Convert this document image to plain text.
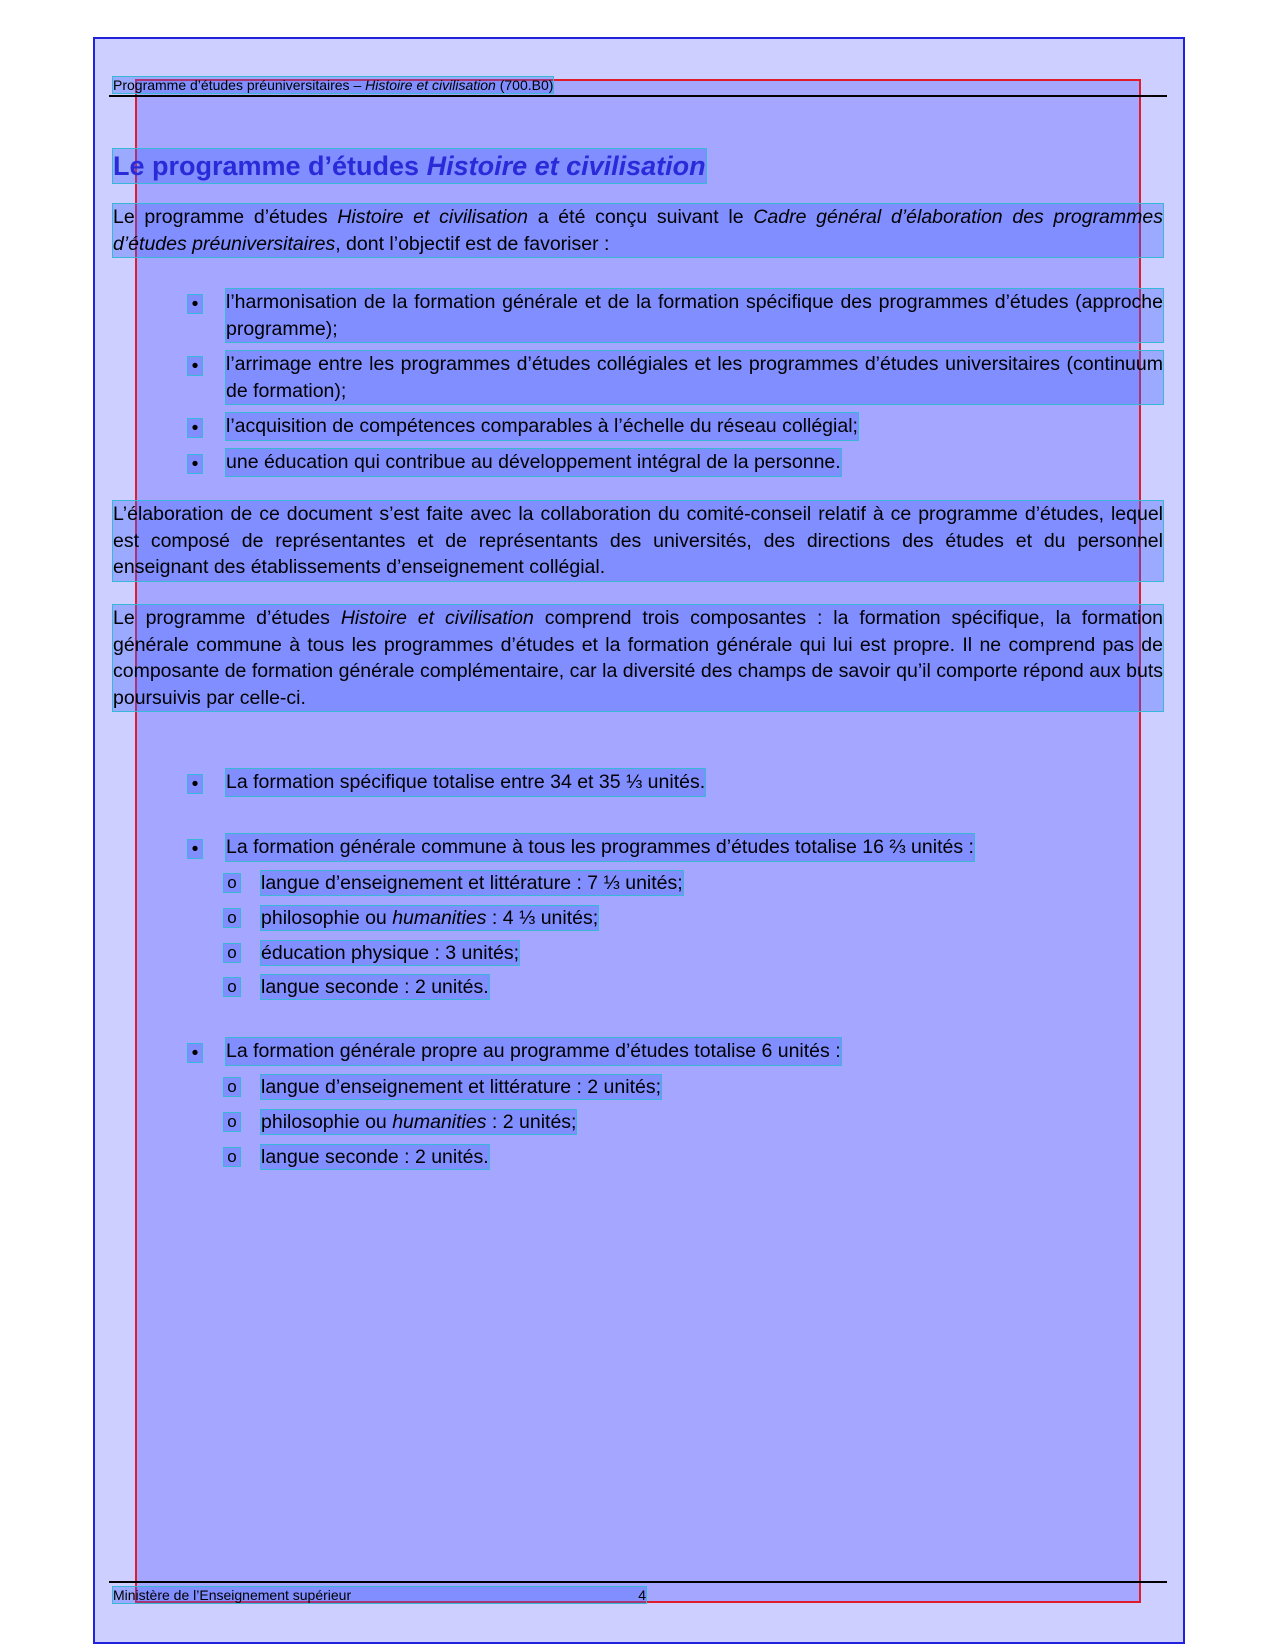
Programme d’études préuniversitaires – Histoire et civilisation (700.B0)
Le programme d’études Histoire et civilisation

Le programme d’études Histoire et civilisation a été conçu suivant le Cadre général d’élaboration des programmes d’études préuniversitaires, dont l’objectif est de favoriser :

• l’harmonisation de la formation générale et de la formation spécifique des programmes d’études (approche programme);
• l’arrimage entre les programmes d’études collégiales et les programmes d’études universitaires (continuum de formation);
• l’acquisition de compétences comparables à l’échelle du réseau collégial;
• une éducation qui contribue au développement intégral de la personne.

L’élaboration de ce document s’est faite avec la collaboration du comité-conseil relatif à ce programme d’études, lequel est composé de représentantes et de représentants des universités, des directions des études et du personnel enseignant des établissements d’enseignement collégial.

Le programme d’études Histoire et civilisation comprend trois composantes : la formation spécifique, la formation générale commune à tous les programmes d’études et la formation générale qui lui est propre. Il ne comprend pas de composante de formation générale complémentaire, car la diversité des champs de savoir qu’il comporte répond aux buts poursuivis par celle-ci.

• La formation spécifique totalise entre 34 et 35 ⅓ unités.
• La formation générale commune à tous les programmes d’études totalise 16 ⅔ unités :
o langue d’enseignement et littérature : 7 ⅓ unités;
o philosophie ou humanities : 4 ⅓ unités;
o éducation physique : 3 unités;
o langue seconde : 2 unités.
• La formation générale propre au programme d’études totalise 6 unités :
o langue d’enseignement et littérature : 2 unités;
o philosophie ou humanities : 2 unités;
o langue seconde : 2 unités.
Ministère de l’Enseignement supérieur	4
